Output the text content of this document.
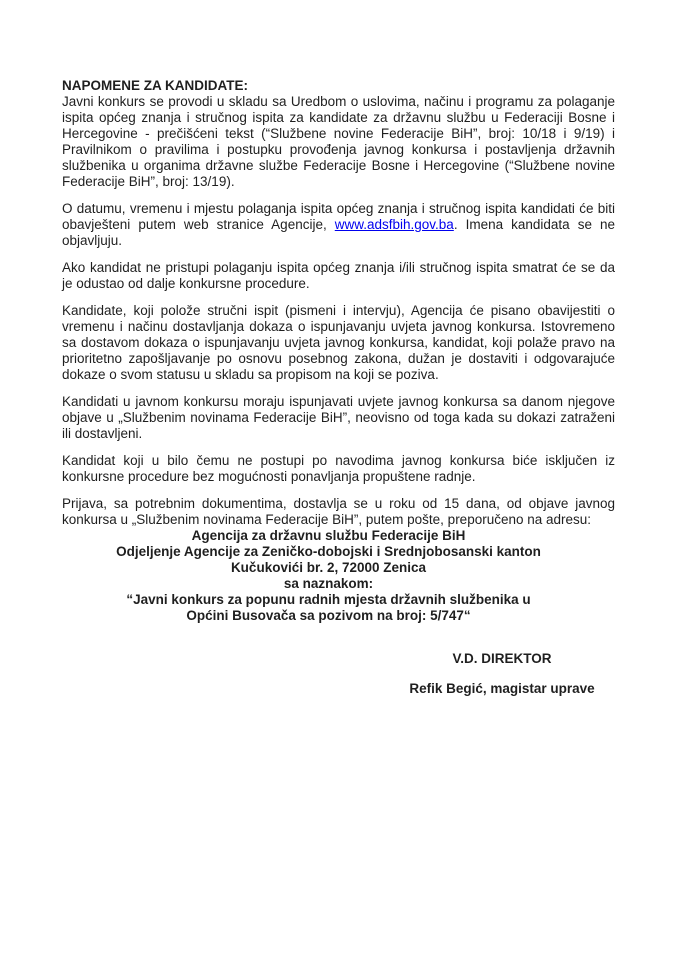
NAPOMENE ZA KANDIDATE:

Javni konkurs se provodi u skladu sa Uredbom o uslovima, načinu i programu za polaganje ispita općeg znanja i stručnog ispita za kandidate za državnu službu u Federaciji Bosne i Hercegovine - prečišćeni tekst (“Službene novine Federacije BiH”, broj: 10/18 i 9/19) i Pravilnikom o pravilima i postupku provođenja javnog konkursa i postavljenja državnih službenika u organima državne službe Federacije Bosne i Hercegovine (“Službene novine Federacije BiH”, broj: 13/19).

O datumu, vremenu i mjestu polaganja ispita općeg znanja i stručnog ispita kandidati će biti obavješteni putem web stranice Agencije, www.adsfbih.gov.ba. Imena kandidata se ne objavljuju.

Ako kandidat ne pristupi polaganju ispita općeg znanja i/ili stručnog ispita smatrat će se da je odustao od dalje konkursne procedure.

Kandidate, koji polože stručni ispit (pismeni i intervju), Agencija će pisano obavijestiti o vremenu i načinu dostavljanja dokaza o ispunjavanju uvjeta javnog konkursa. Istovremeno sa dostavom dokaza o ispunjavanju uvjeta javnog konkursa, kandidat, koji polaže pravo na prioritetno zapošljavanje po osnovu posebnog zakona, dužan je dostaviti i odgovarajuće dokaze o svom statusu u skladu sa propisom na koji se poziva.

Kandidati u javnom konkursu moraju ispunjavati uvjete javnog konkursa sa danom njegove objave u „Službenim novinama Federacije BiH”, neovisno od toga kada su dokazi zatraženi ili dostavljeni.

Kandidat koji u bilo čemu ne postupi po navodima javnog konkursa biće isključen iz konkursne procedure bez mogućnosti ponavljanja propuštene radnje.

Prijava, sa potrebnim dokumentima, dostavlja se u roku od 15 dana, od objave javnog konkursa u „Službenim novinama Federacije BiH”, putem pošte, preporučeno na adresu:

Agencija za državnu službu Federacije BiH
Odjeljenje Agencije za Zeničko-dobojski i Srednjobosanski kanton
Kučukovići br. 2, 72000 Zenica
sa naznakom:
“Javni konkurs za popunu radnih mjesta državnih službenika u
Općini Busovača sa pozivom na broj: 5/747“
V.D. DIREKTOR
Refik Begić, magistar uprave
